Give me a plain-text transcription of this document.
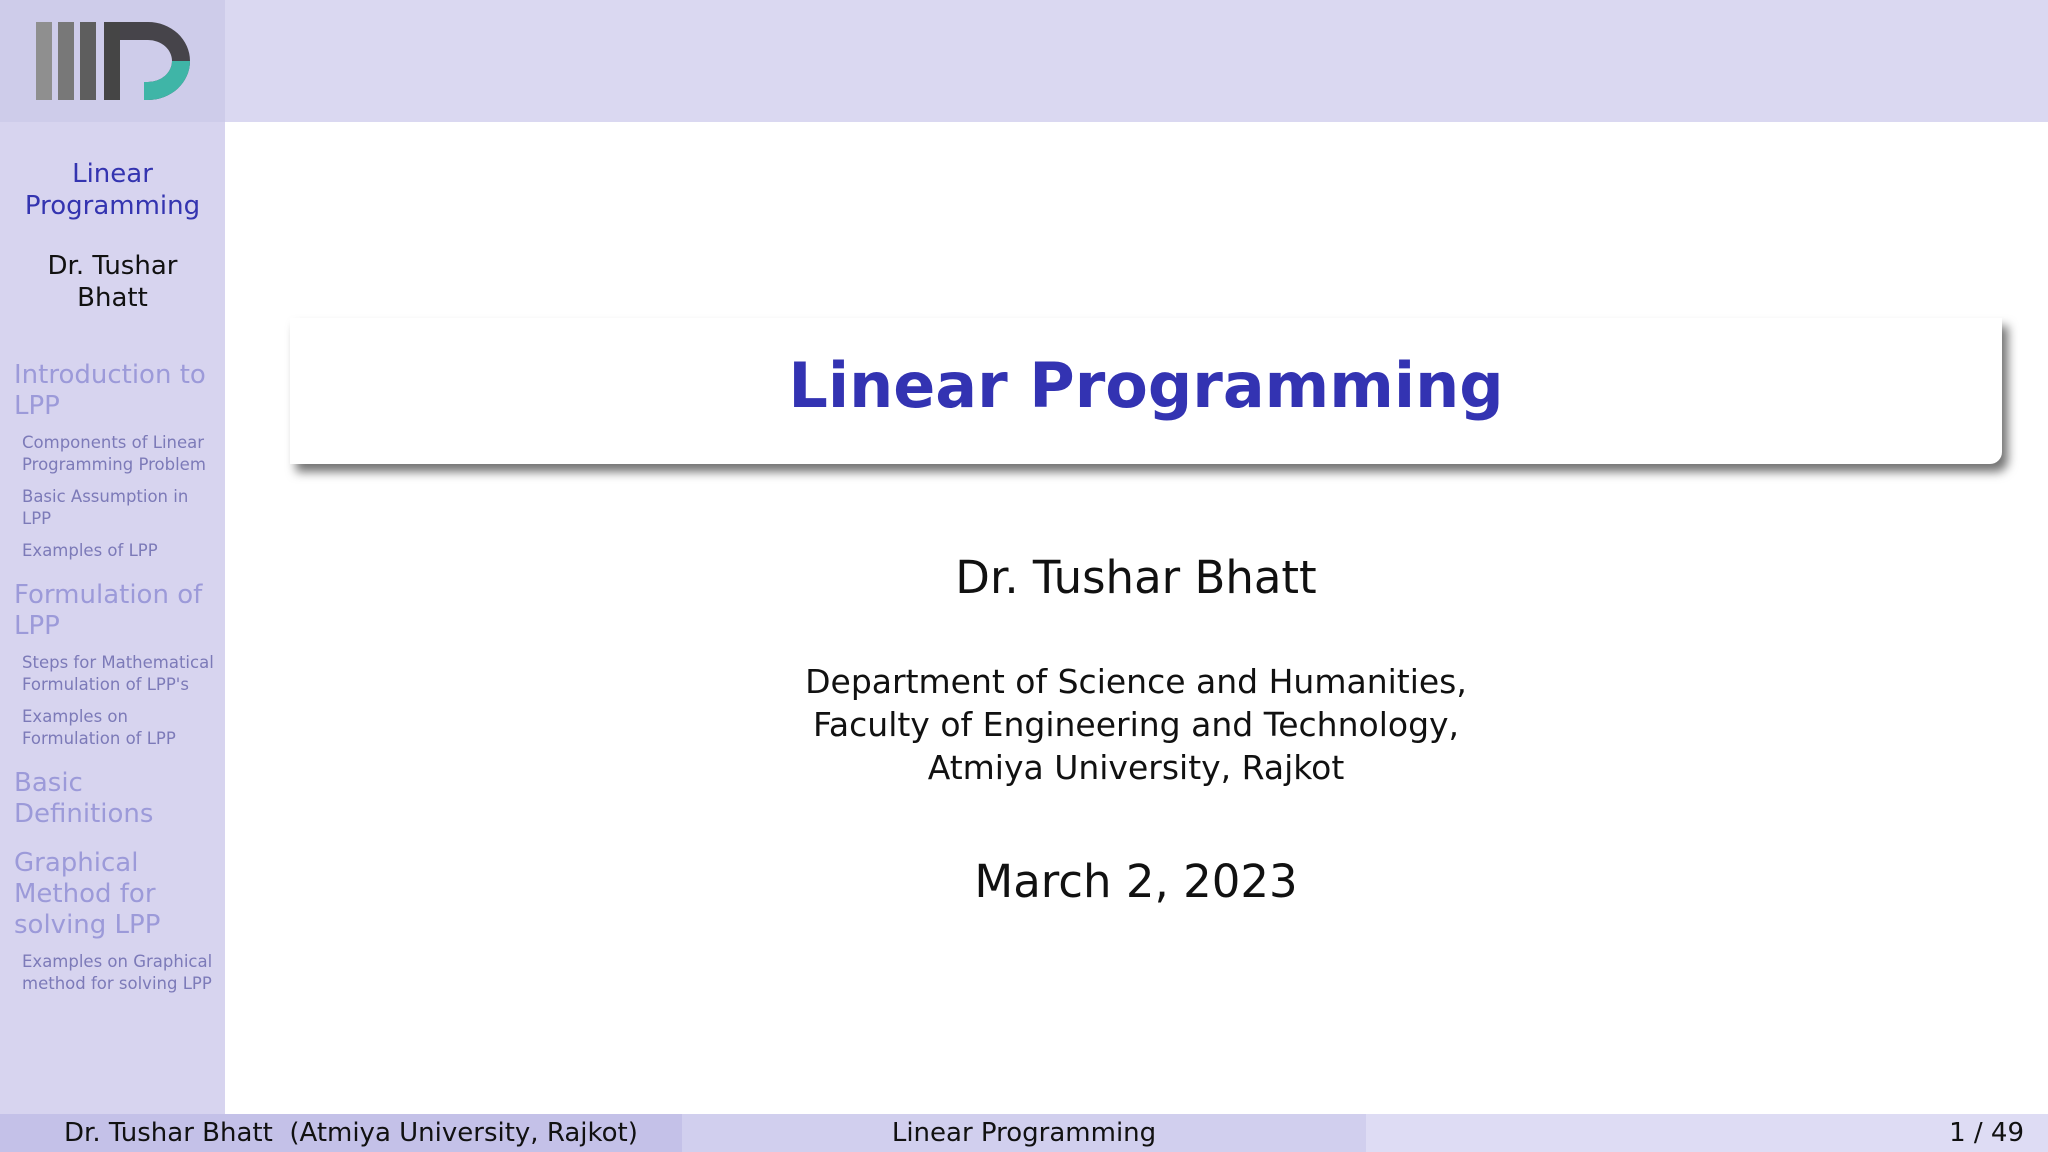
Linear
Programming
Dr. Tushar
Bhatt
Introduction to
LPP
Components of Linear
Programming Problem
Basic Assumption in
LPP
Examples of LPP
Formulation of
LPP
Steps for Mathematical
Formulation of LPP's
Examples on
Formulation of LPP
Basic
Definitions
Graphical
Method for
solving LPP
Examples on Graphical
method for solving LPP
Linear Programming
Dr. Tushar Bhatt
Department of Science and Humanities,
Faculty of Engineering and Technology,
Atmiya University, Rajkot
March 2, 2023
Dr. Tushar Bhatt  (Atmiya University, Rajkot)	Linear Programming	1 / 49
